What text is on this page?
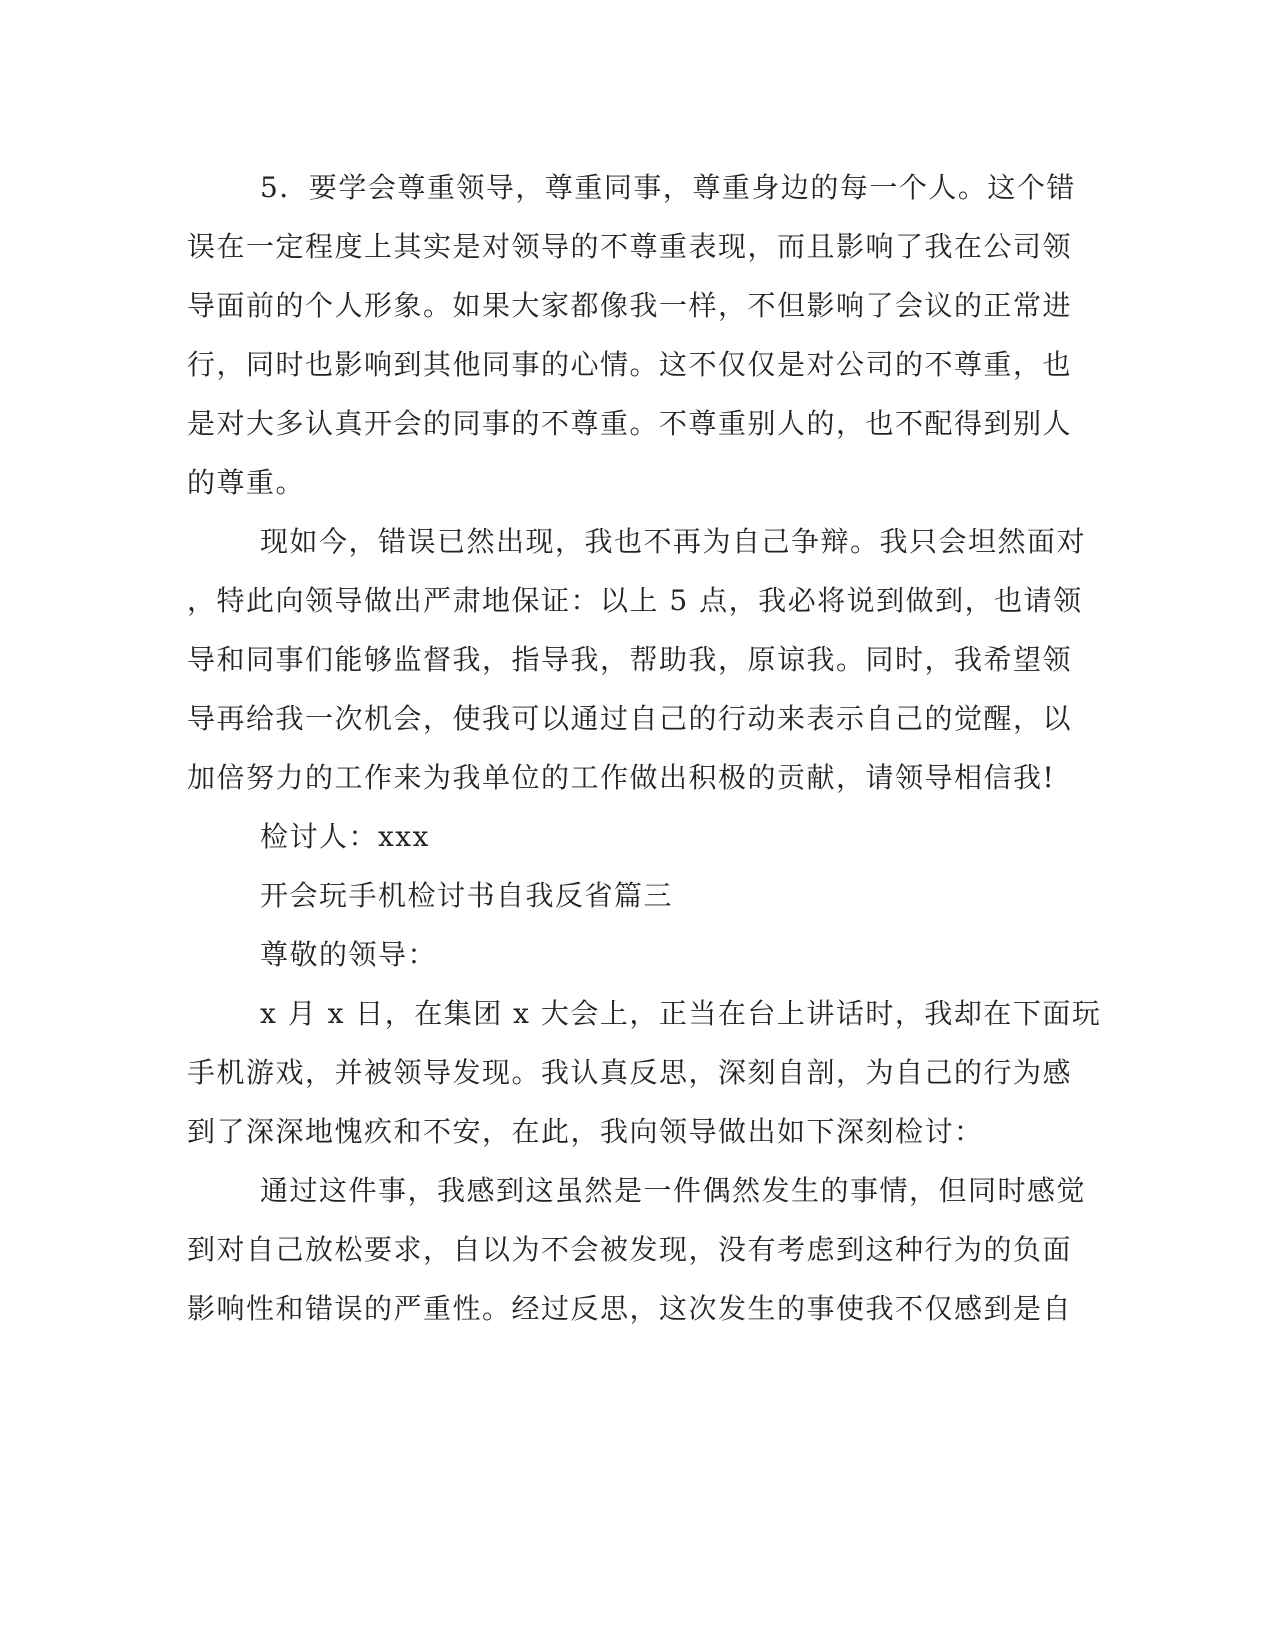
5．要学会尊重领导，尊重同事，尊重身边的每一个人。这个错
误在一定程度上其实是对领导的不尊重表现，而且影响了我在公司领
导面前的个人形象。如果大家都像我一样，不但影响了会议的正常进
行，同时也影响到其他同事的心情。这不仅仅是对公司的不尊重，也
是对大多认真开会的同事的不尊重。不尊重别人的，也不配得到别人
的尊重。
现如今，错误已然出现，我也不再为自己争辩。我只会坦然面对
，特此向领导做出严肃地保证：以上 5 点，我必将说到做到，也请领
导和同事们能够监督我，指导我，帮助我，原谅我。同时，我希望领
导再给我一次机会，使我可以通过自己的行动来表示自己的觉醒，以
加倍努力的工作来为我单位的工作做出积极的贡献，请领导相信我!
检讨人：xxx
开会玩手机检讨书自我反省篇三
尊敬的领导：
x 月 x 日，在集团 x 大会上，正当在台上讲话时，我却在下面玩
手机游戏，并被领导发现。我认真反思，深刻自剖，为自己的行为感
到了深深地愧疚和不安，在此，我向领导做出如下深刻检讨：
通过这件事，我感到这虽然是一件偶然发生的事情，但同时感觉
到对自己放松要求，自以为不会被发现，没有考虑到这种行为的负面
影响性和错误的严重性。经过反思，这次发生的事使我不仅感到是自
